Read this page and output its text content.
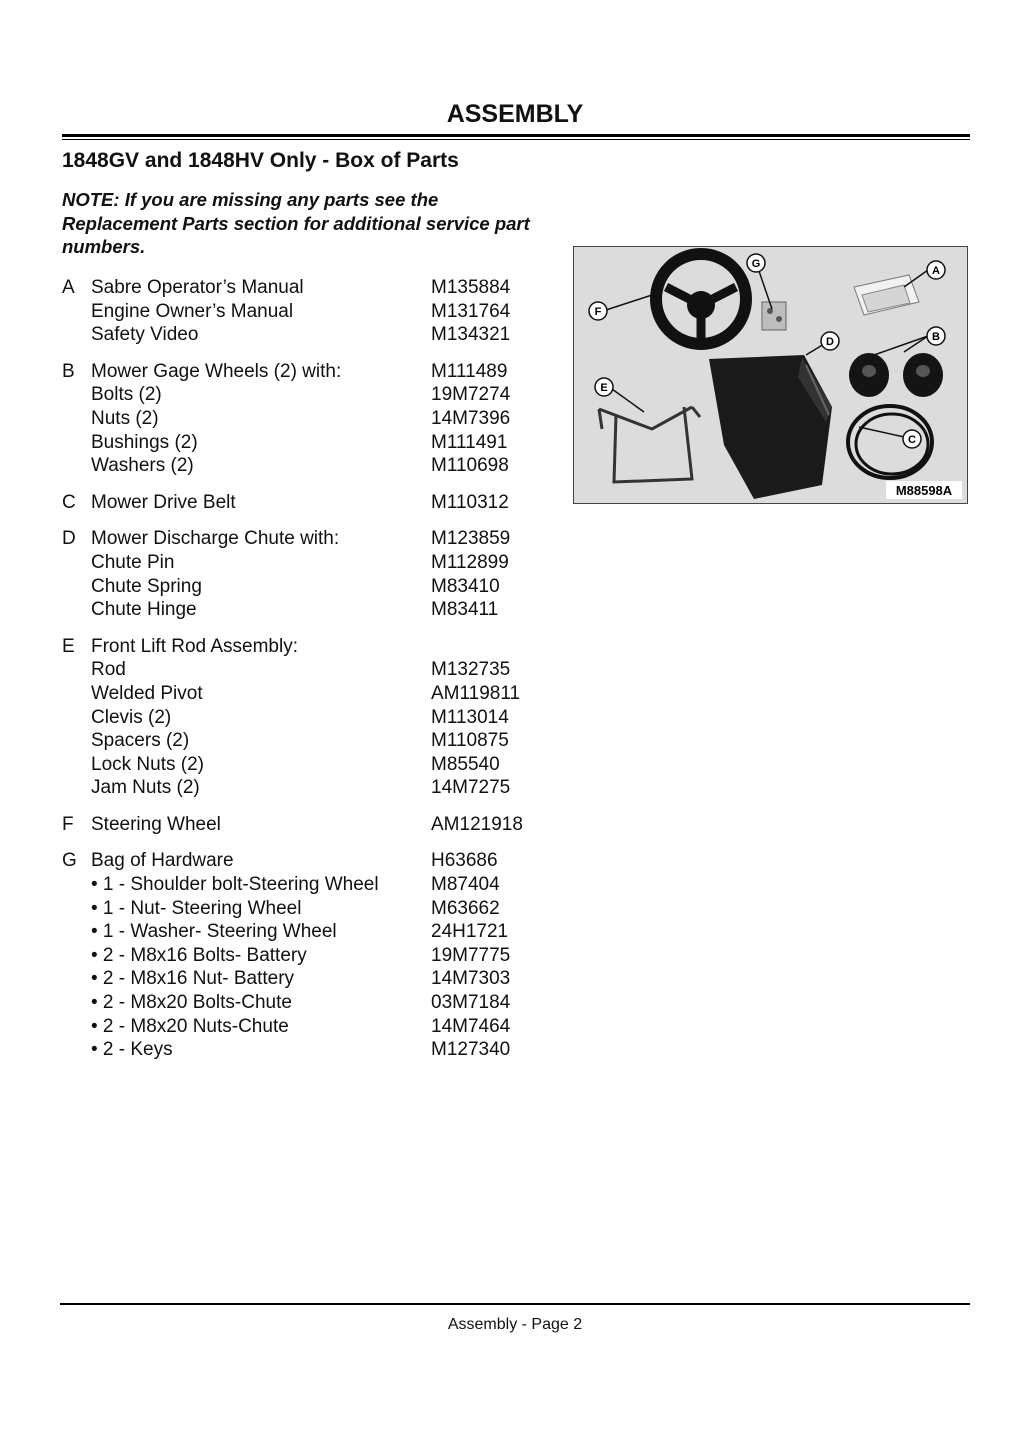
ASSEMBLY
1848GV and 1848HV Only - Box of Parts
NOTE: If you are missing any parts see the Replacement Parts section for additional service part numbers.
A Sabre Operator’s Manual	M135884
Engine Owner’s Manual	M131764
Safety Video	M134321
B Mower Gage Wheels (2) with:	M111489
Bolts (2)	19M7274
Nuts (2)	14M7396
Bushings (2)	M111491
Washers (2)	M110698
C Mower Drive Belt	M110312
D Mower Discharge Chute with:	M123859
Chute Pin	M112899
Chute Spring	M83410
Chute Hinge	M83411
E Front Lift Rod Assembly:
Rod	M132735
Welded Pivot	AM119811
Clevis (2)	M113014
Spacers (2)	M110875
Lock Nuts (2)	M85540
Jam Nuts (2)	14M7275
F Steering Wheel	AM121918
G Bag of Hardware	H63686
• 1 - Shoulder bolt-Steering Wheel	M87404
• 1 - Nut- Steering Wheel	M63662
• 1 - Washer- Steering Wheel	24H1721
• 2 - M8x16 Bolts- Battery	19M7775
• 2 - M8x16 Nut- Battery	14M7303
• 2 - M8x20 Bolts-Chute	03M7184
• 2 - M8x20 Nuts-Chute	14M7464
• 2 - Keys	M127340
G
A
F
D	B
E
C
M88598A
Assembly - Page 2
